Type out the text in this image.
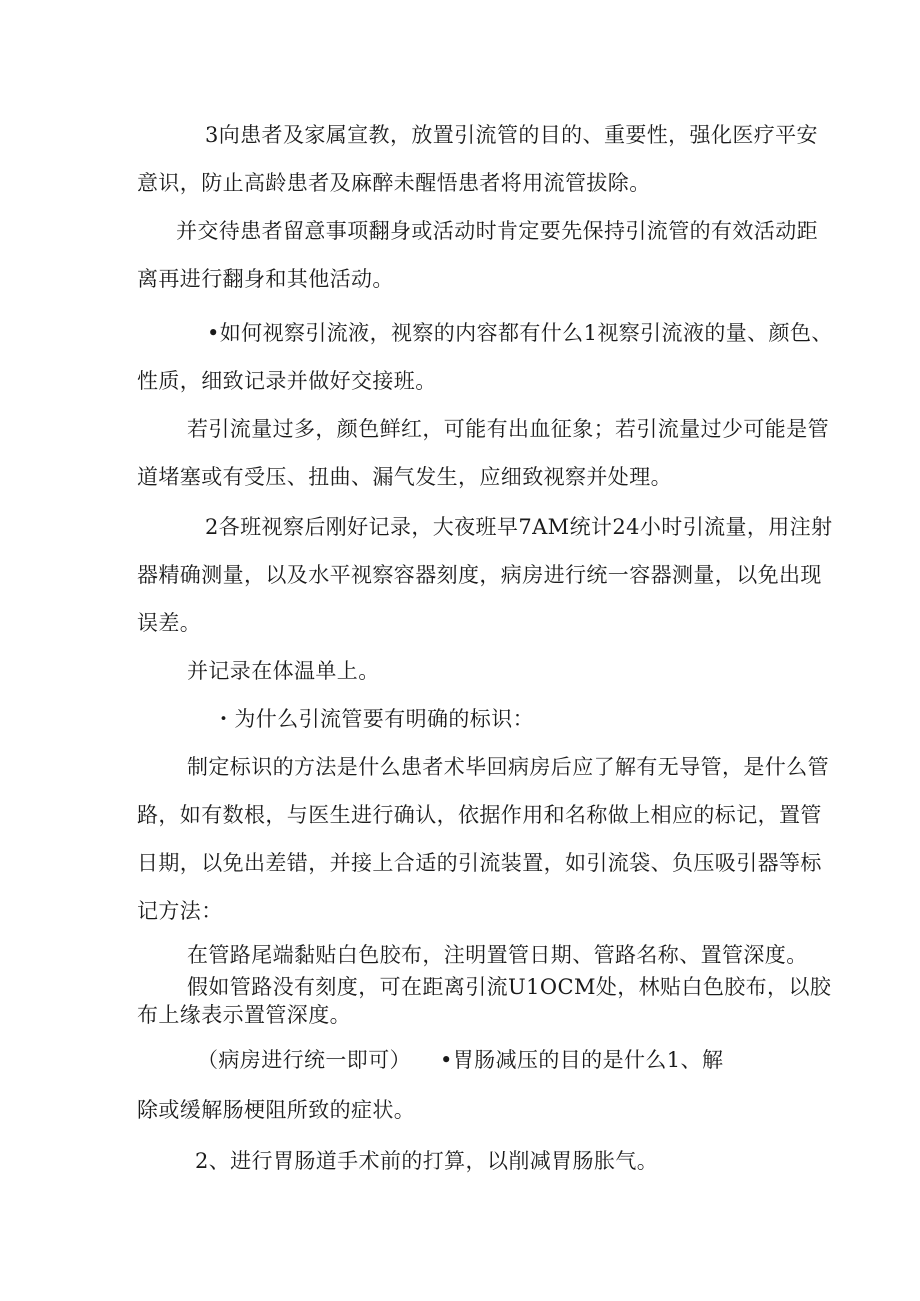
3向患者及家属宣教，放置引流管的目的、重要性，强化医疗平安

意识，防止高龄患者及麻醉未醒悟患者将用流管拔除。

并交待患者留意事项翻身或活动时肯定要先保持引流管的有效活动距

离再进行翻身和其他活动。

•如何视察引流液，视察的内容都有什么1视察引流液的量、颜色、

性质，细致记录并做好交接班。

若引流量过多，颜色鲜红，可能有出血征象；若引流量过少可能是管

道堵塞或有受压、扭曲、漏气发生，应细致视察并处理。

2各班视察后刚好记录，大夜班早7AM统计24小时引流量，用注射

器精确测量，以及水平视察容器刻度，病房进行统一容器测量，以免出现

误差。

并记录在体温单上。

・为什么引流管要有明确的标识：

制定标识的方法是什么患者术毕回病房后应了解有无导管，是什么管

路，如有数根，与医生进行确认，依据作用和名称做上相应的标记，置管

日期，以免出差错，并接上合适的引流装置，如引流袋、负压吸引器等标

记方法：

在管路尾端黏贴白色胶布，注明置管日期、管路名称、置管深度。

假如管路没有刻度，可在距离引流U1OCM处，林贴白色胶布，以胶

布上缘表示置管深度。

（病房进行统一即可） •胃肠减压的目的是什么1、解

除或缓解肠梗阻所致的症状。

2、进行胃肠道手术前的打算，以削减胃肠胀气。
